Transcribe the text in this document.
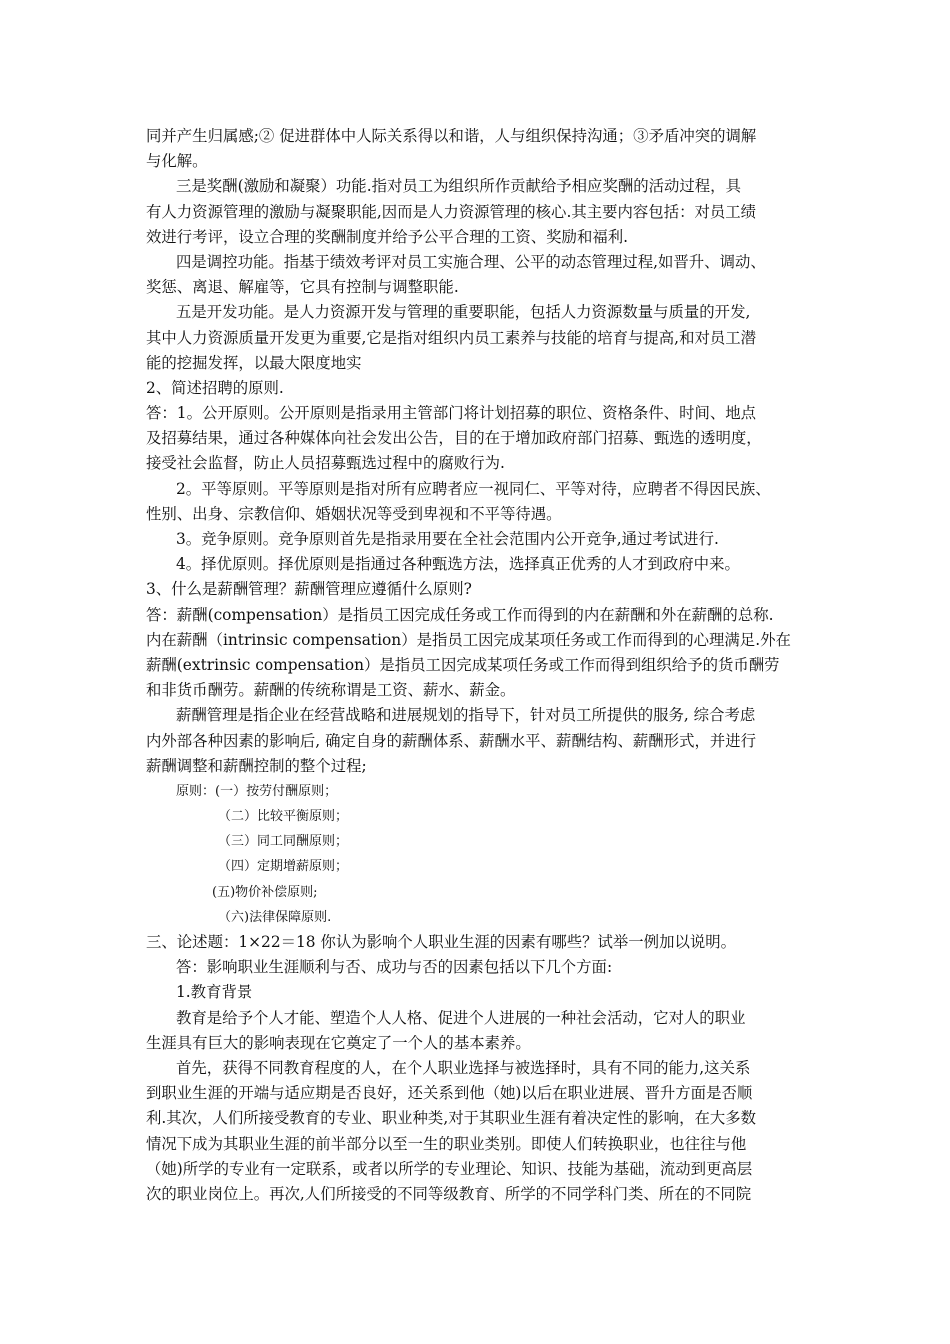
同并产生归属感;② 促进群体中人际关系得以和谐，人与组织保持沟通；③矛盾冲突的调解
与化解。
三是奖酬(激励和凝聚）功能.指对员工为组织所作贡献给予相应奖酬的活动过程，具
有人力资源管理的激励与凝聚职能,因而是人力资源管理的核心.其主要内容包括：对员工绩
效进行考评，设立合理的奖酬制度并给予公平合理的工资、奖励和福利.
四是调控功能。指基于绩效考评对员工实施合理、公平的动态管理过程,如晋升、调动、
奖惩、离退、解雇等，它具有控制与调整职能.
五是开发功能。是人力资源开发与管理的重要职能，包括人力资源数量与质量的开发,
其中人力资源质量开发更为重要,它是指对组织内员工素养与技能的培育与提高,和对员工潜
能的挖掘发挥，以最大限度地实
2、简述招聘的原则.
答：1。公开原则。公开原则是指录用主管部门将计划招募的职位、资格条件、时间、地点
及招募结果，通过各种媒体向社会发出公告，目的在于增加政府部门招募、甄选的透明度，
接受社会监督，防止人员招募甄选过程中的腐败行为.
2。平等原则。平等原则是指对所有应聘者应一视同仁、平等对待，应聘者不得因民族、
性别、出身、宗教信仰、婚姻状况等受到卑视和不平等待遇。
3。竞争原则。竞争原则首先是指录用要在全社会范围内公开竞争,通过考试进行.
4。择优原则。择优原则是指通过各种甄选方法，选择真正优秀的人才到政府中来。
3、什么是薪酬管理？薪酬管理应遵循什么原则?
答：薪酬(compensation）是指员工因完成任务或工作而得到的内在薪酬和外在薪酬的总称.
内在薪酬（intrinsic compensation）是指员工因完成某项任务或工作而得到的心理满足.外在
薪酬(extrinsic compensation）是指员工因完成某项任务或工作而得到组织给予的货币酬劳
和非货币酬劳。薪酬的传统称谓是工资、薪水、薪金。
薪酬管理是指企业在经营战略和进展规划的指导下，针对员工所提供的服务, 综合考虑
内外部各种因素的影响后, 确定自身的薪酬体系、薪酬水平、薪酬结构、薪酬形式，并进行
薪酬调整和薪酬控制的整个过程;
原则：(一）按劳付酬原则；
（二）比较平衡原则；
（三）同工同酬原则；
（四）定期增薪原则；
(五)物价补偿原则;
（六)法律保障原则.
三、论述题：1×22＝18 你认为影响个人职业生涯的因素有哪些？试举一例加以说明。
答：影响职业生涯顺利与否、成功与否的因素包括以下几个方面:
1.教育背景
教育是给予个人才能、塑造个人人格、促进个人进展的一种社会活动，它对人的职业
生涯具有巨大的影响表现在它奠定了一个人的基本素养。
首先，获得不同教育程度的人，在个人职业选择与被选择时，具有不同的能力,这关系
到职业生涯的开端与适应期是否良好，还关系到他（她)以后在职业进展、晋升方面是否顺
利.其次，人们所接受教育的专业、职业种类,对于其职业生涯有着决定性的影响，在大多数
情况下成为其职业生涯的前半部分以至一生的职业类别。即使人们转换职业，也往往与他
（她)所学的专业有一定联系，或者以所学的专业理论、知识、技能为基础，流动到更高层
次的职业岗位上。再次,人们所接受的不同等级教育、所学的不同学科门类、所在的不同院
